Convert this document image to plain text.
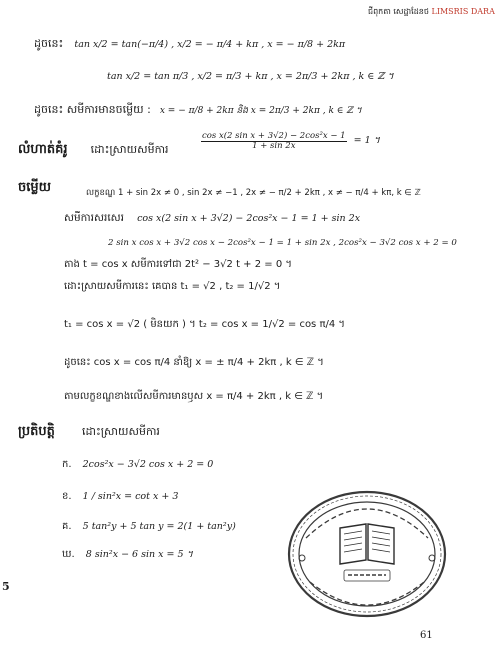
ជីពុកតា សេដ្ឋាដែនថ LIMSRIS DARA
ដូចនេះ tan x/2 = tan(−π/4) , x/2 = − π/4 + kπ , x = − π/8 + 2kπ
tan x/2 = tan π/3 , x/2 = π/3 + kπ , x = 2π/3 + 2kπ , k ∈ ℤ ។
ដូចនេះ សមីការមានចម្លើយ : x = − π/8 + 2kπ និង x = 2π/3 + 2kπ , k ∈ ℤ ។
លំហាត់គំរូ ដោះស្រាយសមីការ	$\frac{\text{cos x(2 sin x + 3√2) − 2cos²x − 1}}{1 + \sin 2x} = 1$ ។
ចម្លើយ	លក្ខខណ្ឌ 1 + sin 2x ≠ 0 , sin 2x ≠ −1 , 2x ≠ − π/2 + 2kπ , x ≠ − π/4 + kπ, k ∈ ℤ
សមីការសរសេរ cos x(2 sin x + 3√2) − 2cos²x − 1 = 1 + sin 2x
2 sin x cos x + 3√2 cos x − 2cos²x − 1 = 1 + sin 2x , 2cos²x − 3√2 cos x + 2 = 0
តាង t = cos x សមីការទៅជា 2t² − 3√2 t + 2 = 0 ។
ដោះស្រាយសមីការនេះ គេបាន t₁ = √2 , t₂ = 1/√2 ។
t₁ = cos x = √2 ( មិនយក ) ។ t₂ = cos x = 1/√2 = cos π/4 ។
ដូចនេះ cos x = cos π/4 នាំឱ្យ x = ± π/4 + 2kπ , k ∈ ℤ ។
តាមលក្ខខណ្ឌខាងលើសមីការមានឫស x = π/4 + 2kπ , k ∈ ℤ ។
ប្រតិបត្តិ ដោះស្រាយសមីការ
ក. 2cos²x − 3√2 cos x + 2 = 0
ខ. 1 / sin²x = cot x + 3
គ. 5 tan²y + 5 tan y = 2(1 + tan²y)
ឃ. 8 sin²x − 6 sin x = 5 ។
5
61
